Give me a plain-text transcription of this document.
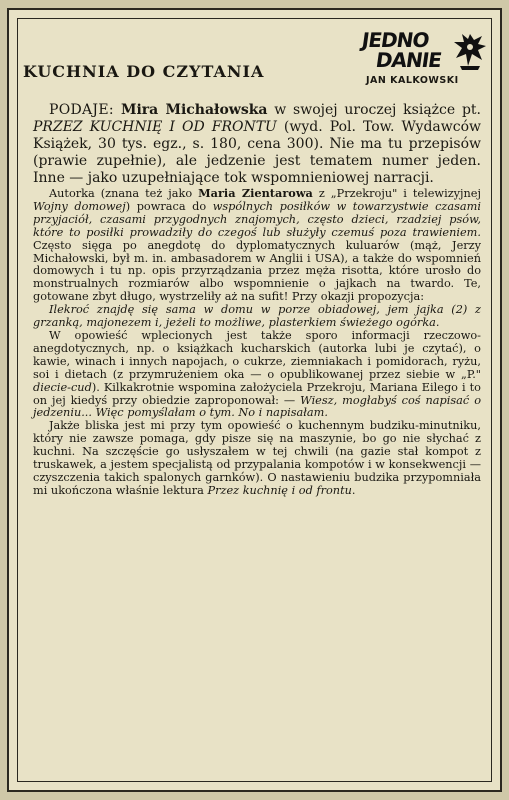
KUCHNIA DO CZYTANIA
JEDNO
DANIE
JAN KALKOWSKI

PODAJE: Mira Michałowska w swojej uroczej książce pt. PRZEZ KUCHNIĘ I OD FRONTU (wyd. Pol. Tow. Wydawców Książek, 30 tys. egz., s. 180, cena 300). Nie ma tu przepisów (prawie zupełnie), ale jedzenie jest tematem numer jeden. Inne — jako uzupełniające tok wspomnieniowej narracji.

Autorka (znana też jako Maria Zientarowa z „Przekroju" i telewizyjnej Wojny domowej) powraca do wspólnych posiłków w towarzystwie czasami przyjaciół, czasami przygodnych znajomych, często dzieci, rzadziej psów, które to posiłki prowadziły do czegoś lub służyły czemuś poza trawieniem. Często sięga po anegdotę do dyplomatycznych kuluarów (mąż, Jerzy Michałowski, był m. in. ambasadorem w Anglii i USA), a także do wspomnień domowych i tu np. opis przyrządzania przez męża risotta, które urosło do monstrualnych rozmiarów albo wspomnienie o jajkach na twardo. Te, gotowane zbyt długo, wystrzeliły aż na sufit! Przy okazji propozycja:

Ilekroć znajdę się sama w domu w porze obiadowej, jem jajka (2) z grzanką, majonezem i, jeżeli to możliwe, plasterkiem świeżego ogórka.

W opowieść wplecionych jest także sporo informacji rzeczowo-anegdotycznych, np. o książkach kucharskich (autorka lubi je czytać), o kawie, winach i innych napojach, o cukrze, ziemniakach i pomidorach, ryżu, soi i dietach (z przymrużeniem oka — o opublikowanej przez siebie w „P." diecie-cud). Kilkakrotnie wspomina założyciela Przekroju, Mariana Eilego i to on jej kiedyś przy obiedzie zaproponował: — Wiesz, mogłabyś coś napisać o jedzeniu... Więc pomyślałam o tym. No i napisałam.

Jakże bliska jest mi przy tym opowieść o kuchennym budziku-minutniku, który nie zawsze pomaga, gdy pisze się na maszynie, bo go nie słychać z kuchni. Na szczęście go usłyszałem w tej chwili (na gazie stał kompot z truskawek, a jestem specjalistą od przypalania kompotów i w konsekwencji — czyszczenia takich spalonych garnków). O nastawieniu budzika przypomniała mi ukończona właśnie lektura Przez kuchnię i od frontu.
